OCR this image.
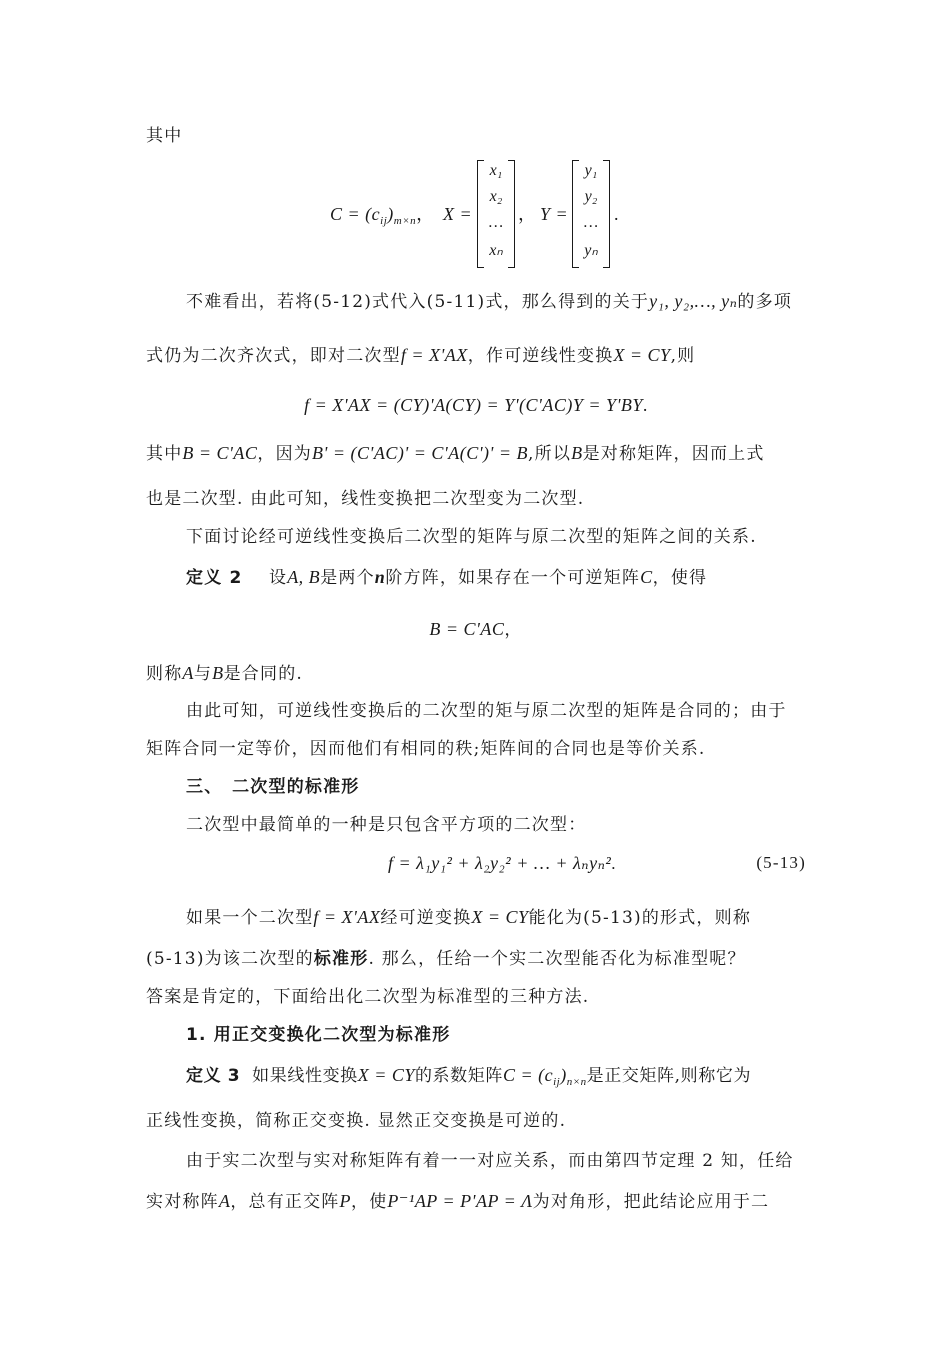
其中
$C = (c_{ij})_{m\times n}$， X =
x₁
x₂
…
xₙ
， Y =
y₁
y₂
…
yₙ
.
不难看出，若将(5-12)式代入(5-11)式，那么得到的关于y₁, y₂,…, yₙ的多项
式仍为二次齐次式，即对二次型f = X'AX，作可逆线性变换X = CY,则
f = X'AX = (CY)'A(CY) = Y'(C'AC)Y = Y'BY.
其中B = C'AC，因为B' = (C'AC)' = C'A(C')' = B,所以B是对称矩阵，因而上式
也是二次型. 由此可知，线性变换把二次型变为二次型.
下面讨论经可逆线性变换后二次型的矩阵与原二次型的矩阵之间的关系.
定义 2 设A, B是两个n阶方阵，如果存在一个可逆矩阵C，使得
B = C'AC，
则称A与B是合同的.
由此可知，可逆线性变换后的二次型的矩与原二次型的矩阵是合同的；由于
矩阵合同一定等价，因而他们有相同的秩;矩阵间的合同也是等价关系.
三、　二次型的标准形
二次型中最简单的一种是只包含平方项的二次型：
f = λ₁y₁² + λ₂y₂² + … + λₙyₙ².	(5-13)
如果一个二次型f = X'AX经可逆变换X = CY能化为(5-13)的形式，则称
(5-13)为该二次型的标准形. 那么，任给一个实二次型能否化为标准型呢？
答案是肯定的，下面给出化二次型为标准型的三种方法.
1. 用正交变换化二次型为标准形
定义 3 如果线性变换X = CY的系数矩阵$C = (c_{ij})_{n\times n}$是正交矩阵,则称它为
正线性变换，简称正交变换. 显然正交变换是可逆的.
由于实二次型与实对称矩阵有着一一对应关系，而由第四节定理 2 知，任给
实对称阵A，总有正交阵P，使P⁻¹AP = P'AP = Λ为对角形，把此结论应用于二
